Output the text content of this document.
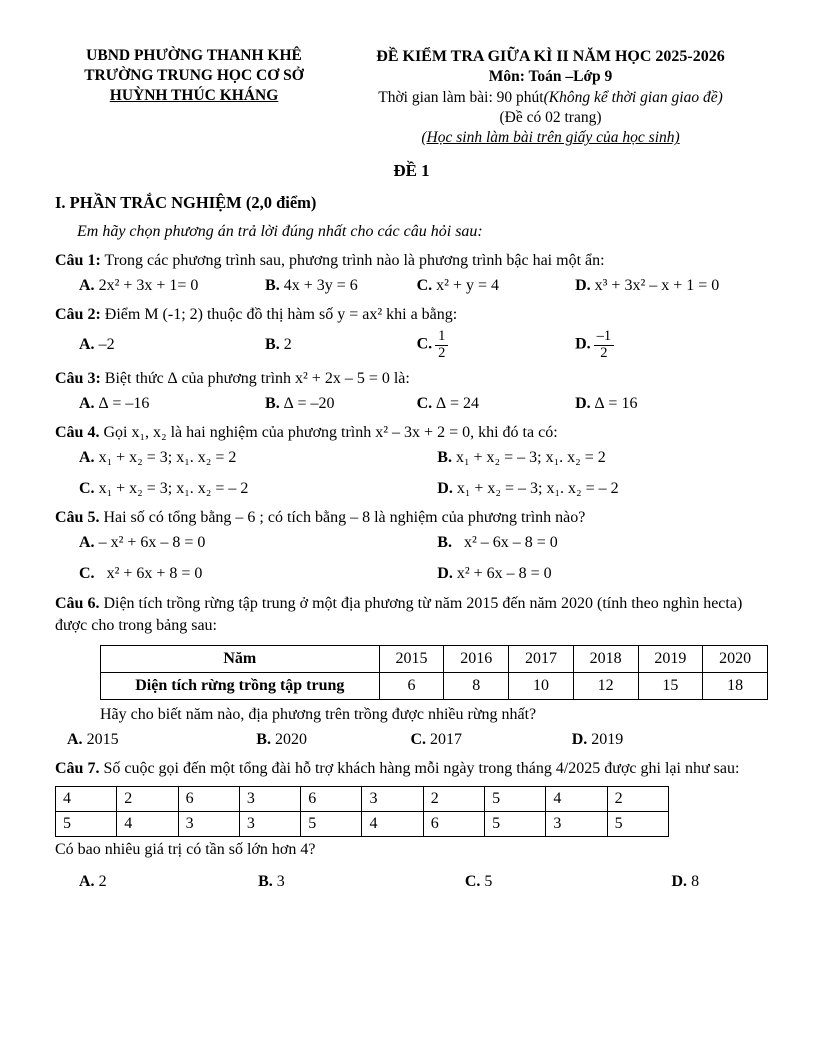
UBND PHƯỜNG THANH KHÊ
TRƯỜNG TRUNG HỌC CƠ SỞ
HUỲNH THÚC KHÁNG
ĐỀ KIỂM TRA GIỮA KÌ II NĂM HỌC 2025-2026
Môn: Toán –Lớp 9
Thời gian làm bài: 90 phút(Không kể thời gian giao đề)
(Đề có 02 trang)
(Học sinh làm bài trên giấy của học sinh)
ĐỀ 1
I. PHẦN TRẮC NGHIỆM (2,0 điểm)
Em hãy chọn phương án trả lời đúng nhất cho các câu hỏi sau:
Câu 1: Trong các phương trình sau, phương trình nào là phương trình bậc hai một ẩn:
A. 2x² + 3x + 1= 0	B. 4x + 3y = 6	C. x² + y = 4	D. x³ + 3x² – x + 1 = 0
Câu 2: Điểm M (-1; 2) thuộc đồ thị hàm số y = ax² khi a bằng:
A. –2	B. 2	C. $\frac{1}{2}$	D. $\frac{-1}{2}$
Câu 3: Biệt thức ∆ của phương trình x² + 2x – 5 = 0 là:
A. ∆ = –16	B. ∆ = –20	C. ∆ = 24	D. ∆ = 16
Câu 4. Gọi x₁, x₂ là hai nghiệm của phương trình x² – 3x + 2 = 0, khi đó ta có:
A. x₁ + x₂ = 3; x₁. x₂ = 2	B. x₁ + x₂ = – 3; x₁. x₂ = 2
C. x₁ + x₂ = 3; x₁. x₂ = – 2	D. x₁ + x₂ = – 3; x₁. x₂ = – 2
Câu 5. Hai số có tổng bằng – 6 ; có tích bằng – 8 là nghiệm của phương trình nào?
A. – x² + 6x – 8 = 0	B. x² – 6x – 8 = 0
C. x² + 6x + 8 = 0	D. x² + 6x – 8 = 0
Câu 6. Diện tích trồng rừng tập trung ở một địa phương từ năm 2015 đến năm 2020 (tính theo nghìn hecta) được cho trong bảng sau:
Năm	2015	2016	2017	2018	2019	2020
Diện tích rừng trồng tập trung	6	8	10	12	15	18
Hãy cho biết năm nào, địa phương trên trồng được nhiều rừng nhất?
A. 2015	B. 2020	C. 2017	D. 2019
Câu 7. Số cuộc gọi đến một tổng đài hỗ trợ khách hàng mỗi ngày trong tháng 4/2025 được ghi lại như sau:
4	2	6	3	6	3	2	5	4	2
5	4	3	3	5	4	6	5	3	5
Có bao nhiêu giá trị có tần số lớn hơn 4?
A. 2	B. 3	C. 5	D. 8
